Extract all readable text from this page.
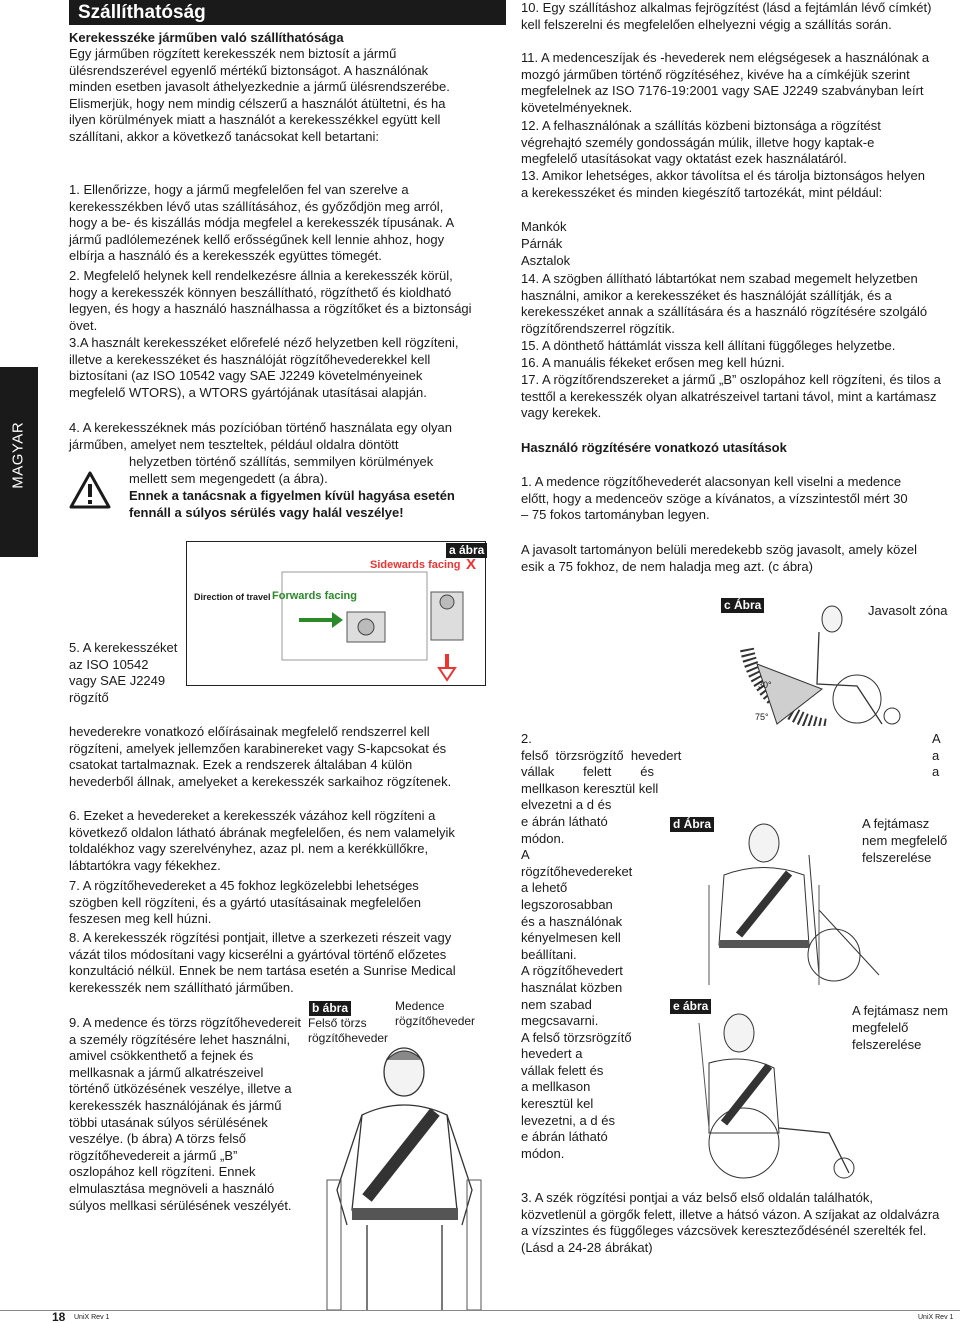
MAGYAR
Szállíthatóság
Kerekesszéke járműben való szállíthatósága
Egy járműben rögzített kerekesszék nem biztosít a jármű ülésrendszerével egyenlő mértékű biztonságot. A használónak minden esetben javasolt áthelyezkednie a jármű ülésrendszerébe. Elismerjük, hogy nem mindig célszerű a használót átültetni, és ha ilyen körülmények miatt a használót a kerekesszékkel együtt kell szállítani, akkor a következő tanácsokat kell betartani:
1. Ellenőrizze, hogy a jármű megfelelően fel van szerelve a kerekesszékben lévő utas szállításához, és győződjön meg arról, hogy a be- és kiszállás módja megfelel a kerekesszék típusának. A jármű padlólemezének kellő erősségűnek kell lennie ahhoz, hogy elbírja a használó és a kerekesszék együttes tömegét.
2. Megfelelő helynek kell rendelkezésre állnia a kerekesszék körül, hogy a kerekesszék könnyen beszállítható, rögzíthető és kioldható legyen, és hogy a használó használhassa a rögzítőket és a biztonsági övet.
3.A használt kerekesszéket előrefelé néző helyzetben kell rögzíteni, illetve a kerekesszéket és használóját rögzítőhevederekkel kell biztosítani (az ISO 10542 vagy SAE J2249 követelményeinek megfelelő WTORS), a WTORS gyártójának utasításai alapján.
4. A kerekesszéknek más pozícióban történő használata egy olyan járműben, amelyet nem teszteltek, például oldalra döntött
helyzetben történő szállítás, semmilyen körülmények mellett sem megengedett (a ábra).
Ennek a tanácsnak a figyelmen kívül hagyása esetén fennáll a súlyos sérülés vagy halál veszélye!
a ábra
Direction of travel Forwards facing
Sidewards facing X
5. A kerekesszéket az ISO 10542 vagy SAE J2249 rögzítő
hevederekre vonatkozó előírásainak megfelelő rendszerrel kell rögzíteni, amelyek jellemzően karabinereket vagy S-kapcsokat és csatokat tartalmaznak. Ezek a rendszerek általában 4 külön hevederből állnak, amelyeket a kerekesszék sarkaihoz rögzítenek.
6. Ezeket a hevedereket a kerekesszék vázához kell rögzíteni a következő oldalon látható ábrának megfelelően, és nem valamelyik toldalékhoz vagy szerelvényhez, azaz pl. nem a kerékküllőkre, lábtartókra vagy fékekhez.
7. A rögzítőhevedereket a 45 fokhoz legközelebbi lehetséges szögben kell rögzíteni, és a gyártó utasításainak megfelelően feszesen meg kell húzni.
8. A kerekesszék rögzítési pontjait, illetve a szerkezeti részeit vagy vázát tilos módosítani vagy kicserélni a gyártóval történő előzetes konzultáció nélkül. Ennek be nem tartása esetén a Sunrise Medical kerekesszék nem szállítható járműben.
9. A medence és törzs rögzítőhevedereit a személy rögzítésére lehet használni, amivel csökkenthető a fejnek és mellkasnak a jármű alkatrészeivel történő ütközésének veszélye, illetve a kerekesszék használójának és jármű többi utasának súlyos sérülésének veszélye. (b ábra) A törzs felső rögzítőhevedereit a jármű „B” oszlopához kell rögzíteni. Ennek elmulasztása megnöveli a használó súlyos mellkasi sérülésének veszélyét.
b ábra
Felső törzs rögzítőheveder
Medence rögzítőheveder
10. Egy szállításhoz alkalmas fejrögzítést (lásd a fejtámlán lévő címkét) kell felszerelni és megfelelően elhelyezni végig a szállítás során.
11. A medenceszíjak és -hevederek nem elégségesek a használónak a mozgó járműben történő rögzítéséhez, kivéve ha a címkéjük szerint megfelelnek az ISO 7176-19:2001 vagy SAE J2249 szabványban leírt követelményeknek.
12. A felhasználónak a szállítás közbeni biztonsága a rögzítést végrehajtó személy gondosságán múlik, illetve hogy kaptak-e megfelelő utasításokat vagy oktatást ezek használatáról.
13. Amikor lehetséges, akkor távolítsa el és tárolja biztonságos helyen a kerekesszéket és minden kiegészítő tartozékát, mint például:
Mankók
Párnák
Asztalok
14. A szögben állítható lábtartókat nem szabad megemelt helyzetben használni, amikor a kerekesszéket és használóját szállítják, és a kerekesszéket annak a szállítására és a használó rögzítésére szolgáló rögzítőrendszerrel rögzítik.
15. A dönthető háttámlát vissza kell állítani függőleges helyzetbe.
16. A manuális fékeket erősen meg kell húzni.
17. A rögzítőrendszereket a jármű „B” oszlopához kell rögzíteni, és tilos a testtől a kerekesszék olyan alkatrészeivel tartani távol, mint a kartámasz vagy kerekek.
Használó rögzítésére vonatkozó utasítások
1. A medence rögzítőhevederét alacsonyan kell viselni a medence előtt, hogy a medenceöv szöge a kívánatos, a vízszintestől mért 30 – 75 fokos tartományban legyen.
A javasolt tartományon belüli meredekebb szög javasolt, amely közel esik a 75 fokhoz, de nem haladja meg azt. (c ábra)
c Ábra	Javasolt zóna
30°
75°
2.
felső  törzsrögzítő  hevedert
vállak        felett        és
mellkason keresztül kell
elvezetni a d és
e ábrán látható
módon.
A
rögzítőhevedereket
a lehető
legszorosabban
és a használónak
kényelmesen kell
beállítani.
A rögzítőhevedert
használat közben
nem szabad
megcsavarni.
A felső törzsrögzítő
hevedert a
vállak felett és
a mellkason
keresztül kel
levezetni, a d és
e ábrán látható
módon.
A
a
a
d Ábra	A fejtámasz nem megfelelő felszerelése
e ábra	A fejtámasz nem megfelelő felszerelése
3. A szék rögzítési pontjai a váz belső első oldalán találhatók, közvetlenül a görgők felett, illetve a hátsó vázon. A szíjakat az oldalvázra a vízszintes és függőleges vázcsövek kereszteződésénél szerelték fel. (Lásd a 24-28 ábrákat)
18 UniX Rev 1	UniX Rev 1
